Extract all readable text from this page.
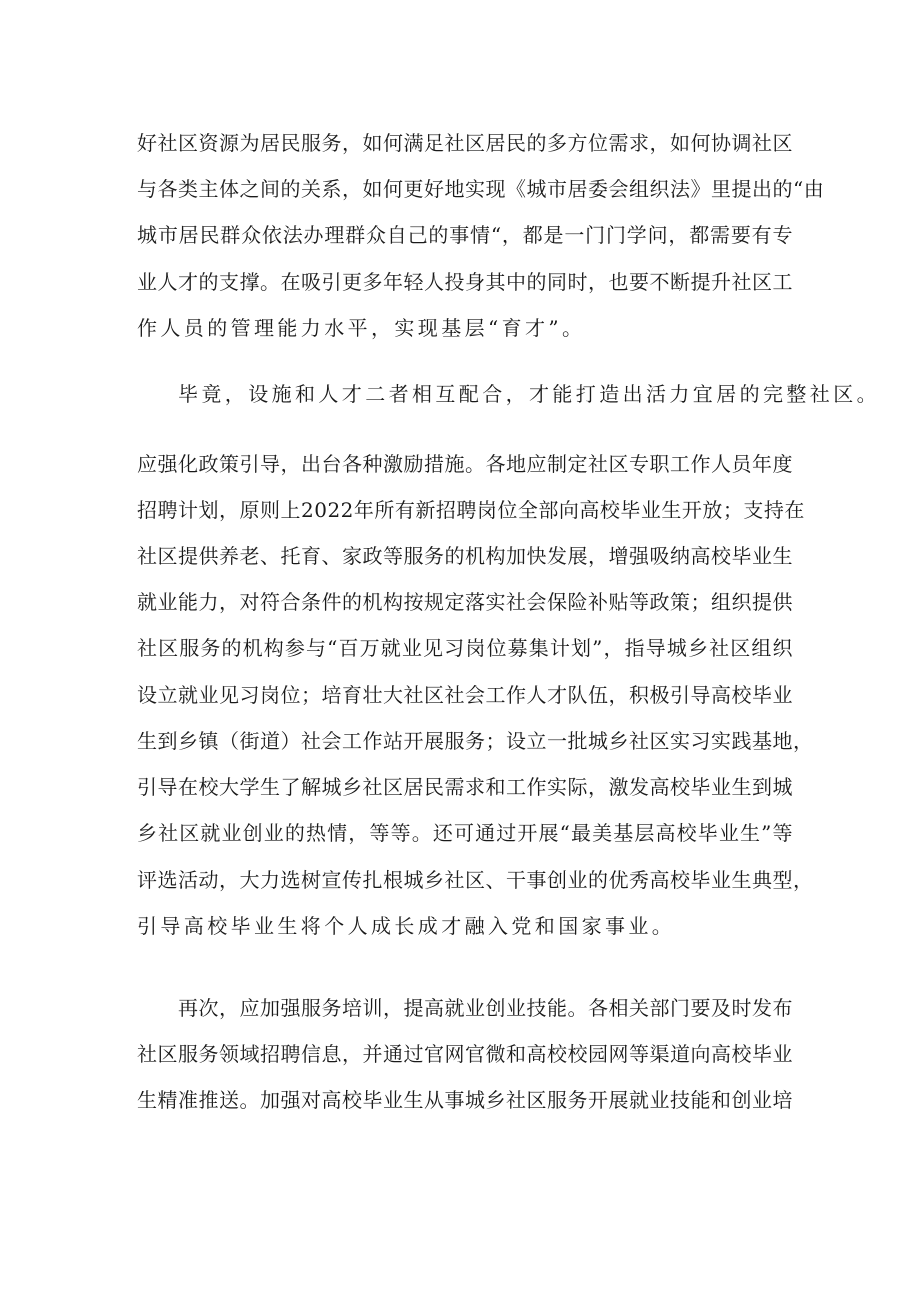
好社区资源为居民服务，如何满足社区居民的多方位需求，如何协调社区
与各类主体之间的关系，如何更好地实现《城市居委会组织法》里提出的“由
城市居民群众依法办理群众自己的事情“，都是一门门学问，都需要有专
业人才的支撑。在吸引更多年轻人投身其中的同时，也要不断提升社区工
作人员的管理能力水平，实现基层“育才”。
毕竟，设施和人才二者相互配合，才能打造出活力宜居的完整社区。
应强化政策引导，出台各种激励措施。各地应制定社区专职工作人员年度
招聘计划，原则上2022年所有新招聘岗位全部向高校毕业生开放；支持在
社区提供养老、托育、家政等服务的机构加快发展，增强吸纳高校毕业生
就业能力，对符合条件的机构按规定落实社会保险补贴等政策；组织提供
社区服务的机构参与“百万就业见习岗位募集计划”，指导城乡社区组织
设立就业见习岗位；培育壮大社区社会工作人才队伍，积极引导高校毕业
生到乡镇（街道）社会工作站开展服务；设立一批城乡社区实习实践基地，
引导在校大学生了解城乡社区居民需求和工作实际，激发高校毕业生到城
乡社区就业创业的热情，等等。还可通过开展“最美基层高校毕业生”等
评选活动，大力选树宣传扎根城乡社区、干事创业的优秀高校毕业生典型，
引导高校毕业生将个人成长成才融入党和国家事业。
再次，应加强服务培训，提高就业创业技能。各相关部门要及时发布
社区服务领域招聘信息，并通过官网官微和高校校园网等渠道向高校毕业
生精准推送。加强对高校毕业生从事城乡社区服务开展就业技能和创业培
